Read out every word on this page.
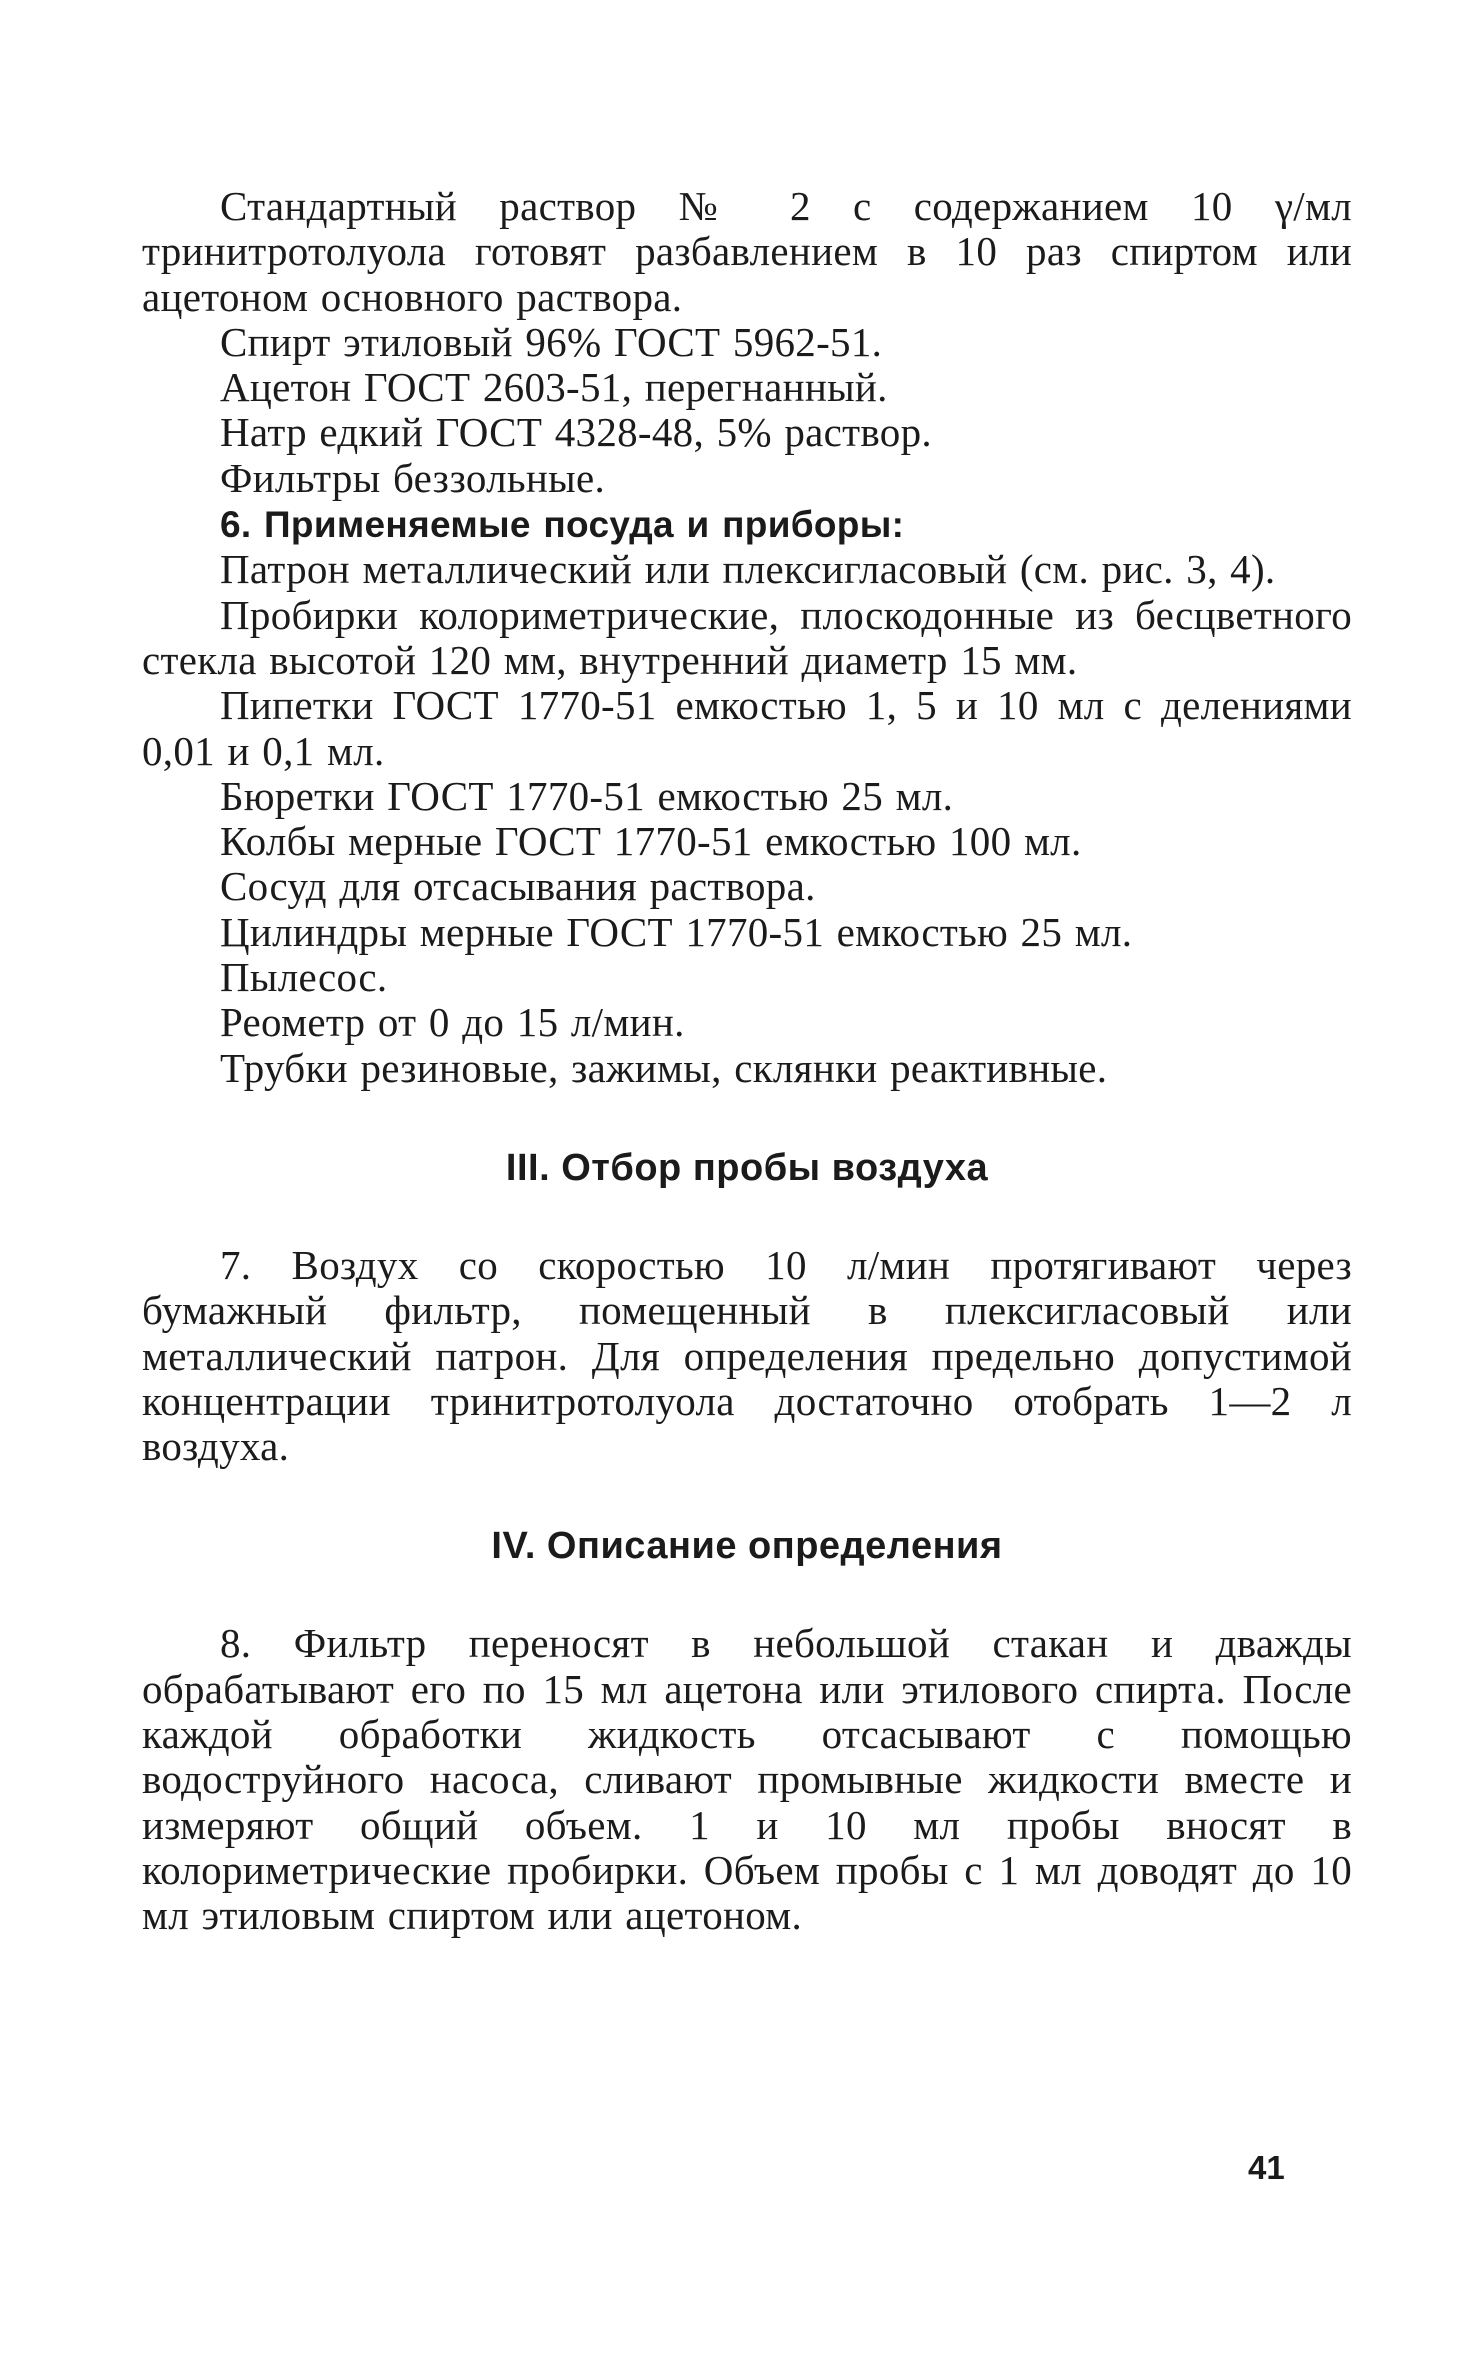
Стандартный раствор № 2 с содержанием 10 γ/мл тринитротолуола готовят разбавлением в 10 раз спиртом или ацетоном основного раствора.

Спирт этиловый 96% ГОСТ 5962-51.

Ацетон ГОСТ 2603-51, перегнанный.

Натр едкий ГОСТ 4328-48, 5% раствор.

Фильтры беззольные.

6. Применяемые посуда и приборы:

Патрон металлический или плексигласовый (см. рис. 3, 4).

Пробирки колориметрические, плоскодонные из бесцветного стекла высотой 120 мм, внутренний диаметр 15 мм.

Пипетки ГОСТ 1770-51 емкостью 1, 5 и 10 мл с делениями 0,01 и 0,1 мл.

Бюретки ГОСТ 1770-51 емкостью 25 мл.

Колбы мерные ГОСТ 1770-51 емкостью 100 мл.

Сосуд для отсасывания раствора.

Цилиндры мерные ГОСТ 1770-51 емкостью 25 мл.

Пылесос.

Реометр от 0 до 15 л/мин.

Трубки резиновые, зажимы, склянки реактивные.

III. Отбор пробы воздуха

7. Воздух со скоростью 10 л/мин протягивают через бумажный фильтр, помещенный в плексигласовый или металлический патрон. Для определения предельно допустимой концентрации тринитротолуола достаточно отобрать 1—2 л воздуха.

IV. Описание определения

8. Фильтр переносят в небольшой стакан и дважды обрабатывают его по 15 мл ацетона или этилового спирта. После каждой обработки жидкость отсасывают с помощью водоструйного насоса, сливают промывные жидкости вместе и измеряют общий объем. 1 и 10 мл пробы вносят в колориметрические пробирки. Объем пробы с 1 мл доводят до 10 мл этиловым спиртом или ацетоном.

41
